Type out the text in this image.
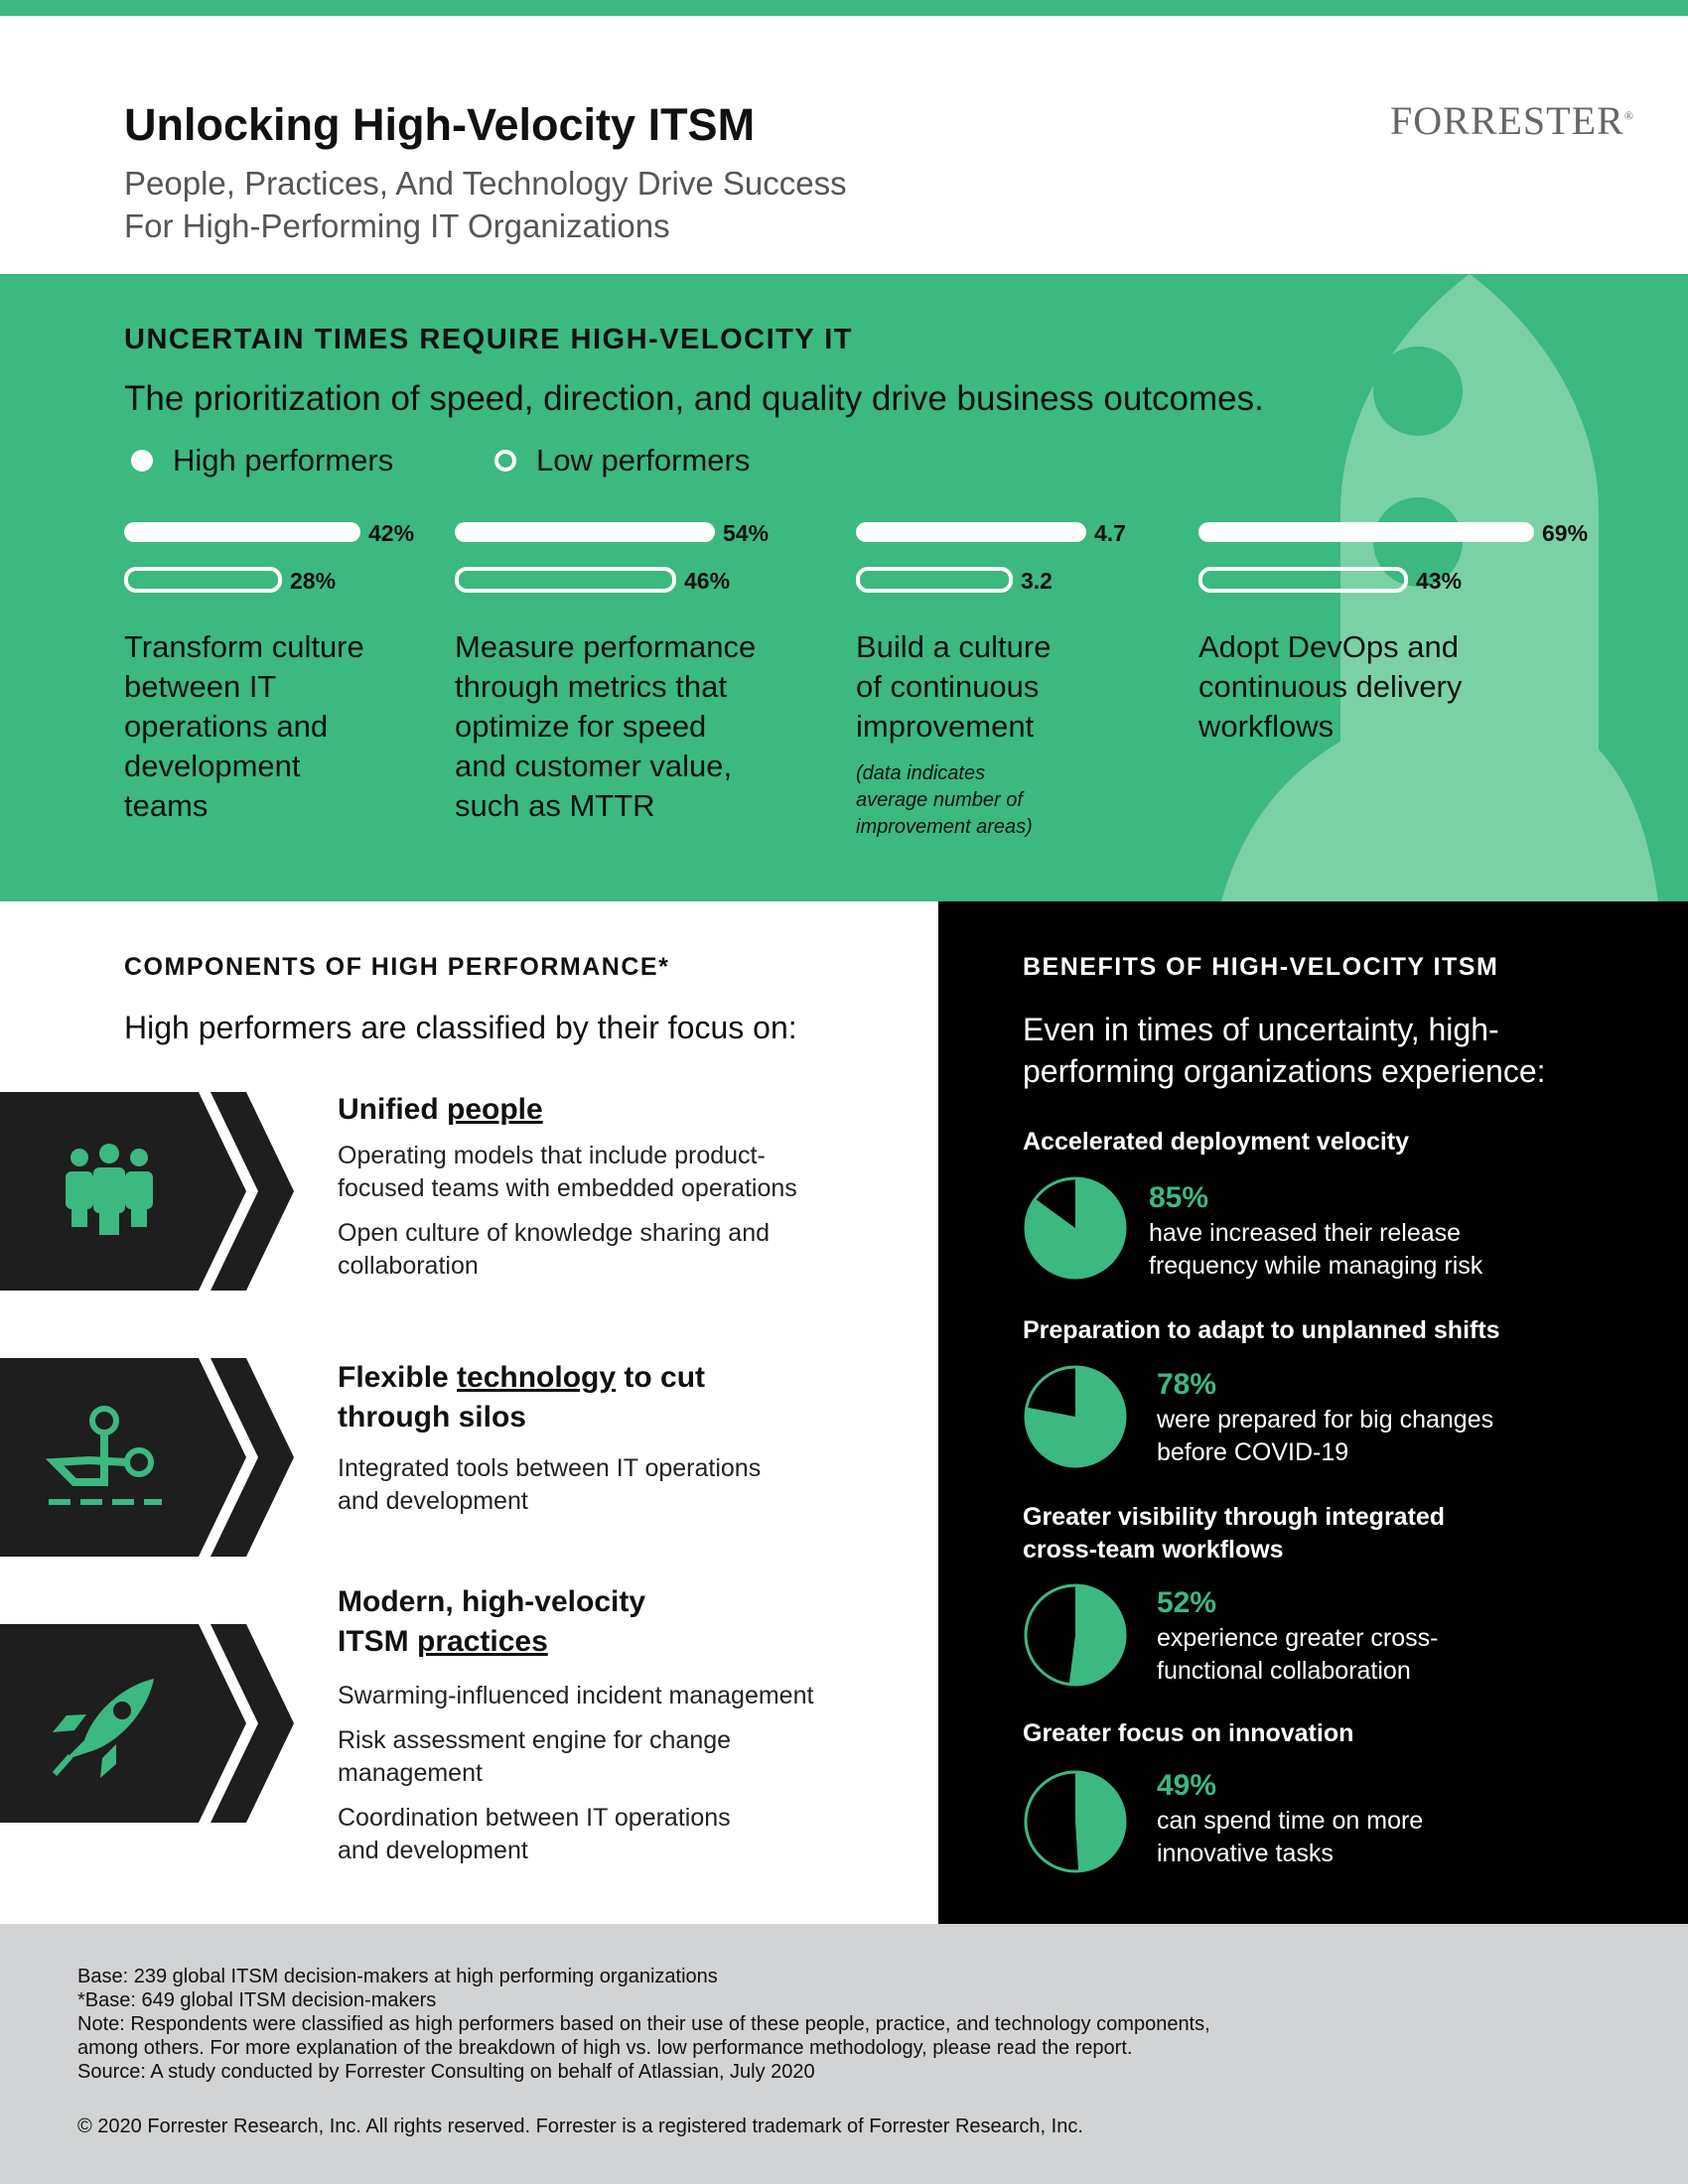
Unlocking High-Velocity ITSM
People, Practices, And Technology Drive Success
For High-Performing IT Organizations
FORRESTER®
UNCERTAIN TIMES REQUIRE HIGH-VELOCITY IT
The prioritization of speed, direction, and quality drive business outcomes.
High performers	Low performers
42%
28%
Transform culture
between IT
operations and
development
teams
54%
46%
Measure performance
through metrics that
optimize for speed
and customer value,
such as MTTR
4.7
3.2
Build a culture
of continuous
improvement
69%
43%
Adopt DevOps and
continuous delivery
workflows
(data indicates
average number of
improvement areas)
COMPONENTS OF HIGH PERFORMANCE*
High performers are classified by their focus on:
Unified people
Operating models that include product-
focused teams with embedded operations
Open culture of knowledge sharing and
collaboration
Flexible technology to cut
through silos
Integrated tools between IT operations
and development
Modern, high-velocity
ITSM practices
Swarming-influenced incident management
Risk assessment engine for change
management
Coordination between IT operations
and development
BENEFITS OF HIGH-VELOCITY ITSM
Even in times of uncertainty, high-
performing organizations experience:
Accelerated deployment velocity
85%
have increased their release
frequency while managing risk
Preparation to adapt to unplanned shifts
78%
were prepared for big changes
before COVID-19
Greater visibility through integrated
cross-team workflows
52%
experience greater cross-
functional collaboration
Greater focus on innovation
49%
can spend time on more
innovative tasks
Base: 239 global ITSM decision-makers at high performing organizations
*Base: 649 global ITSM decision-makers
Note: Respondents were classified as high performers based on their use of these people, practice, and technology components,
among others. For more explanation of the breakdown of high vs. low performance methodology, please read the report.
Source: A study conducted by Forrester Consulting on behalf of Atlassian, July 2020
© 2020 Forrester Research, Inc. All rights reserved. Forrester is a registered trademark of Forrester Research, Inc.
